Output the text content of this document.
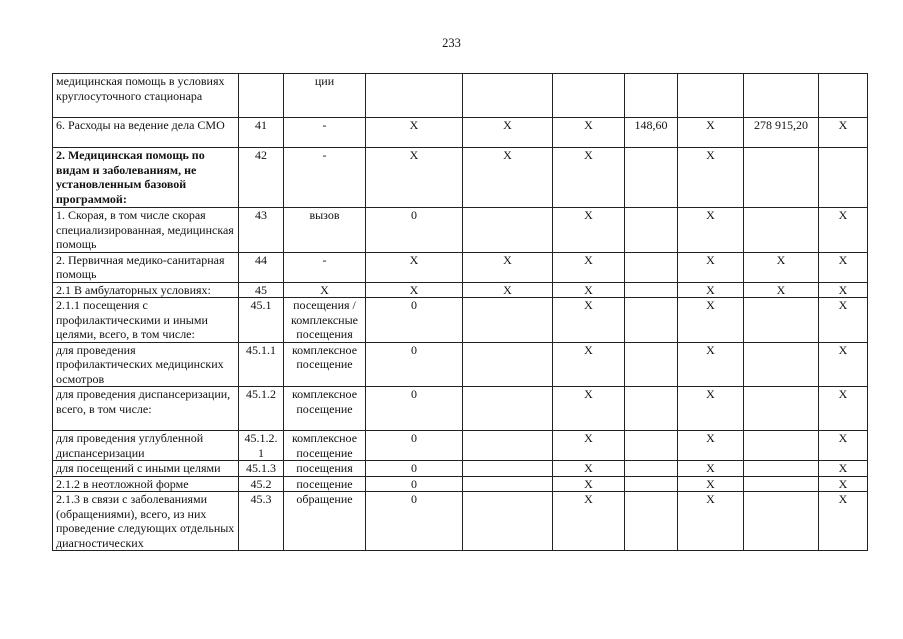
233
медицинская помощь в условиях круглосуточного стационара		ции							
6. Расходы на ведение дела СМО	41	-	X	X	X	148,60	X	278 915,20	X
2. Медицинская помощь по видам и заболеваниям, не установленным базовой программой:	42	-	X	X	X		X		
1. Скорая, в том числе скорая специализированная, медицинская помощь	43	вызов	0		X		X		X
2. Первичная медико-санитарная помощь	44	-	X	X	X		X	X	X
2.1 В амбулаторных условиях:	45	X	X	X	X		X	X	X
2.1.1 посещения с профилактическими и иными целями, всего, в том числе:	45.1	посещения / комплексные посещения	0		X		X		X
для проведения профилактических медицинских осмотров	45.1.1	комплексное посещение	0		X		X		X
для проведения диспансеризации, всего, в том числе:	45.1.2	комплексное посещение	0		X		X		X
для проведения углубленной диспансеризации	45.1.2.1	комплексное посещение	0		X		X		X
для посещений с иными целями	45.1.3	посещения	0		X		X		X
2.1.2 в неотложной форме	45.2	посещение	0		X		X		X
2.1.3 в связи с заболеваниями (обращениями), всего, из них проведение следующих отдельных диагностических	45.3	обращение	0		X		X		X
